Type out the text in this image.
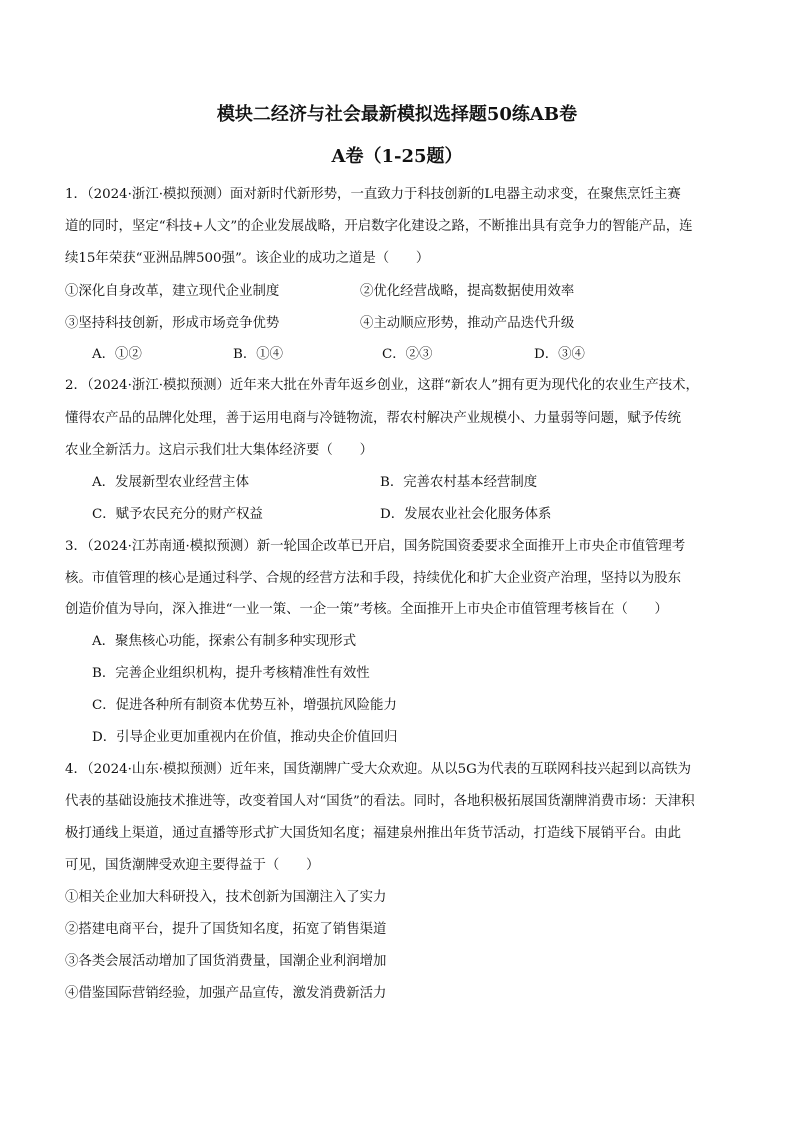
模块二经济与社会最新模拟选择题50练AB卷
A卷（1-25题）
1．（2024·浙江·模拟预测）面对新时代新形势，一直致力于科技创新的L电器主动求变，在聚焦烹饪主赛
道的同时，坚定“科技+人文”的企业发展战略，开启数字化建设之路，不断推出具有竞争力的智能产品，连
续15年荣获“亚洲品牌500强”。该企业的成功之道是（　　）
①深化自身改革，建立现代企业制度	②优化经营战略，提高数据使用效率
③坚持科技创新，形成市场竞争优势	④主动顺应形势，推动产品迭代升级
A．①②	B．①④	C．②③	D．③④
2．（2024·浙江·模拟预测）近年来大批在外青年返乡创业，这群“新农人”拥有更为现代化的农业生产技术，
懂得农产品的品牌化处理，善于运用电商与冷链物流，帮农村解决产业规模小、力量弱等问题，赋予传统
农业全新活力。这启示我们壮大集体经济要（　　）
A．发展新型农业经营主体	B．完善农村基本经营制度
C．赋予农民充分的财产权益	D．发展农业社会化服务体系
3．（2024·江苏南通·模拟预测）新一轮国企改革已开启，国务院国资委要求全面推开上市央企市值管理考
核。市值管理的核心是通过科学、合规的经营方法和手段，持续优化和扩大企业资产治理，坚持以为股东
创造价值为导向，深入推进“一业一策、一企一策”考核。全面推开上市央企市值管理考核旨在（　　）
A．聚焦核心功能，探索公有制多种实现形式
B．完善企业组织机构，提升考核精准性有效性
C．促进各种所有制资本优势互补，增强抗风险能力
D．引导企业更加重视内在价值，推动央企价值回归
4．（2024·山东·模拟预测）近年来，国货潮牌广受大众欢迎。从以5G为代表的互联网科技兴起到以高铁为
代表的基础设施技术推进等，改变着国人对“国货”的看法。同时，各地积极拓展国货潮牌消费市场：天津积
极打通线上渠道，通过直播等形式扩大国货知名度；福建泉州推出年货节活动，打造线下展销平台。由此
可见，国货潮牌受欢迎主要得益于（　　）
①相关企业加大科研投入，技术创新为国潮注入了实力
②搭建电商平台，提升了国货知名度，拓宽了销售渠道
③各类会展活动增加了国货消费量，国潮企业利润增加
④借鉴国际营销经验，加强产品宣传，激发消费新活力
